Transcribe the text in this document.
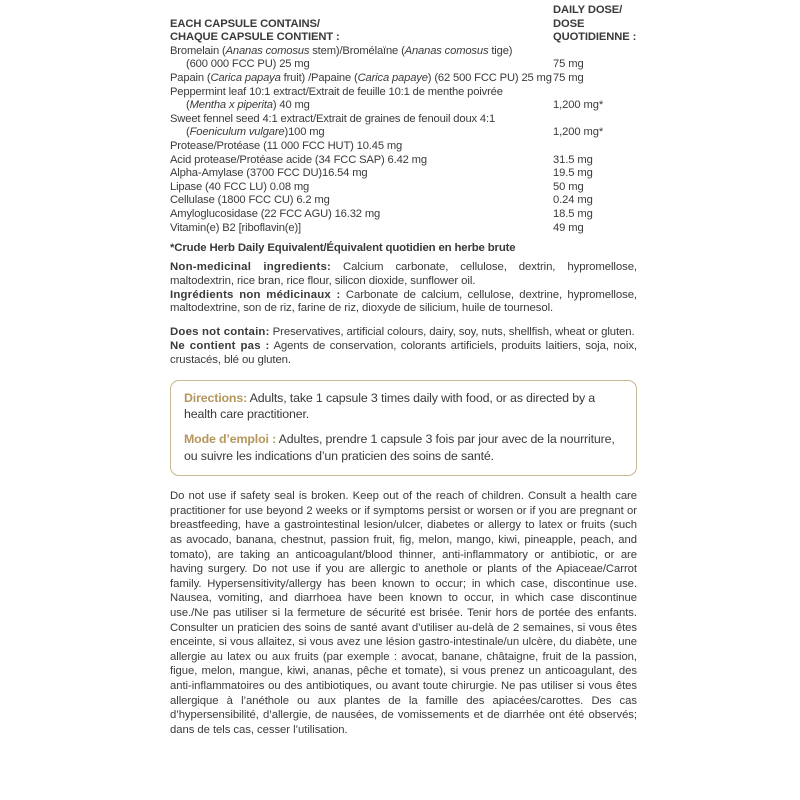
EACH CAPSULE CONTAINS/
CHAQUE CAPSULE CONTIENT :	DAILY DOSE/
DOSE QUOTIDIENNE :
Bromelain (Ananas comosus stem)/Bromélaïne (Ananas comosus tige)
(600 000 FCC PU) 25 mg	75 mg
Papain (Carica papaya fruit) /Papaine (Carica papaye) (62 500 FCC PU) 25 mg	75 mg
Peppermint leaf 10:1 extract/Extrait de feuille 10:1 de menthe poivrée
(Mentha x piperita) 40 mg	1,200 mg*
Sweet fennel seed 4:1 extract/Extrait de graines de fenouil doux 4:1
(Foeniculum vulgare)100 mg	1,200 mg*
Protease/Protéase (11 000 FCC HUT) 10.45 mg	
Acid protease/Protéase acide (34 FCC SAP) 6.42 mg	31.5 mg
Alpha-Amylase (3700 FCC DU)16.54 mg	19.5 mg
Lipase (40 FCC LU) 0.08 mg	50 mg
Cellulase (1800 FCC CU) 6.2 mg	0.24 mg
Amyloglucosidase (22 FCC AGU) 16.32 mg	18.5 mg
Vitamin(e) B2 [riboflavin(e)]	49 mg
*Crude Herb Daily Equivalent/Équivalent quotidien en herbe brute

Non-medicinal ingredients: Calcium carbonate, cellulose, dextrin, hypromellose, maltodextrin, rice bran, rice flour, silicon dioxide, sunflower oil.

Ingrédients non médicinaux : Carbonate de calcium, cellulose, dextrine, hypromellose, maltodextrine, son de riz, farine de riz, dioxyde de silicium, huile de tournesol.

Does not contain: Preservatives, artificial colours, dairy, soy, nuts, shellfish, wheat or gluten.

Ne contient pas : Agents de conservation, colorants artificiels, produits laitiers, soja, noix, crustacés, blé ou gluten.

Directions: Adults, take 1 capsule 3 times daily with food, or as directed by a health care practitioner.

Mode d’emploi : Adultes, prendre 1 capsule 3 fois par jour avec de la nourriture, ou suivre les indications d’un praticien des soins de santé.

Do not use if safety seal is broken. Keep out of the reach of children. Consult a health care practitioner for use beyond 2 weeks or if symptoms persist or worsen or if you are pregnant or breastfeeding, have a gastrointestinal lesion/ulcer, diabetes or allergy to latex or fruits (such as avocado, banana, chestnut, passion fruit, fig, melon, mango, kiwi, pineapple, peach, and tomato), are taking an anticoagulant/blood thinner, anti-inflammatory or antibiotic, or are having surgery. Do not use if you are allergic to anethole or plants of the Apiaceae/Carrot family. Hypersensitivity/allergy has been known to occur; in which case, discontinue use. Nausea, vomiting, and diarrhoea have been known to occur, in which case discontinue use./Ne pas utiliser si la fermeture de sécurité est brisée. Tenir hors de portée des enfants. Consulter un praticien des soins de santé avant d’utiliser au-delà de 2 semaines, si vous êtes enceinte, si vous allaitez, si vous avez une lésion gastro-intestinale/un ulcère, du diabète, une allergie au latex ou aux fruits (par exemple : avocat, banane, châtaigne, fruit de la passion, figue, melon, mangue, kiwi, ananas, pêche et tomate), si vous prenez un anticoagulant, des anti-inflammatoires ou des antibiotiques, ou avant toute chirurgie. Ne pas utiliser si vous êtes allergique à l’anéthole ou aux plantes de la famille des apiacées/carottes. Des cas d’hypersensibilité, d’allergie, de nausées, de vomissements et de diarrhée ont été observés; dans de tels cas, cesser l’utilisation.
